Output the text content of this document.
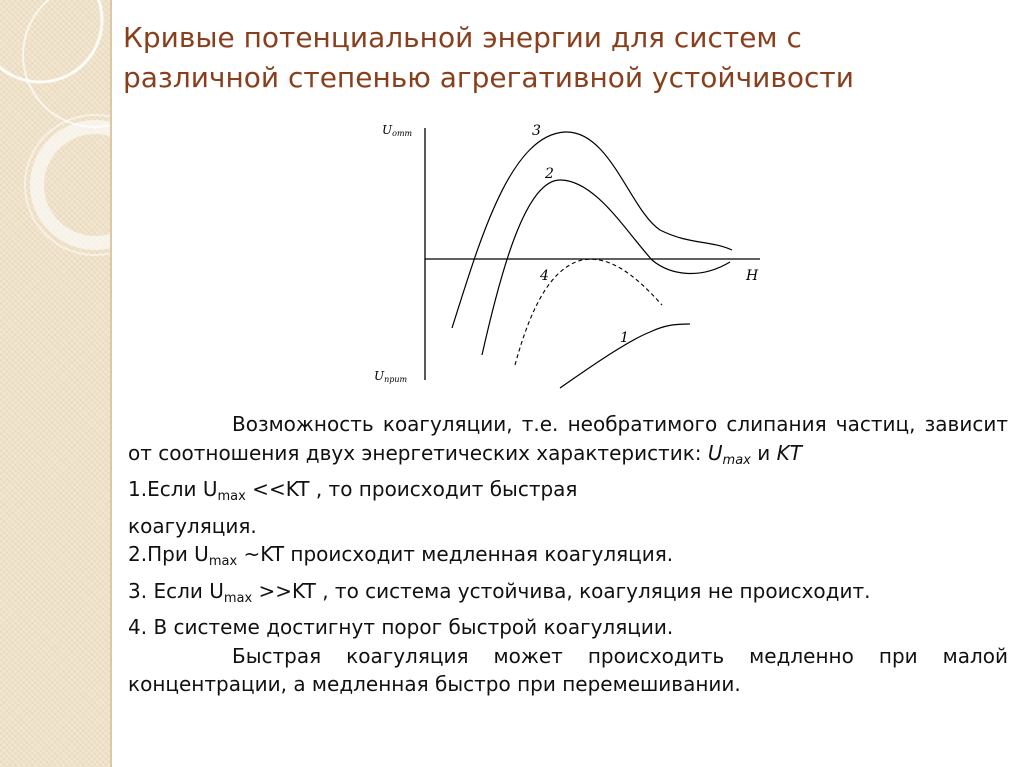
Кривые потенциальной энергии для систем с
различной степенью агрегативной устойчивости
Uотт
Uприт
H
3
2
4
1

Возможность коагуляции, т.е. необратимого слипания частиц, зависит от соотношения двух энергетических характеристик: $U_{max}$ и KT

1.Если $U_{max} <<KT$ , то происходит быстрая

коагуляция.

2.При $U_{max}$ ~KT происходит медленная коагуляция.

3. Если $U_{max} >>KT$ , то система устойчива, коагуляция не происходит.

4. В системе достигнут порог быстрой коагуляции.

Быстрая коагуляция может происходить медленно при малой концентрации, а медленная быстро при перемешивании.
